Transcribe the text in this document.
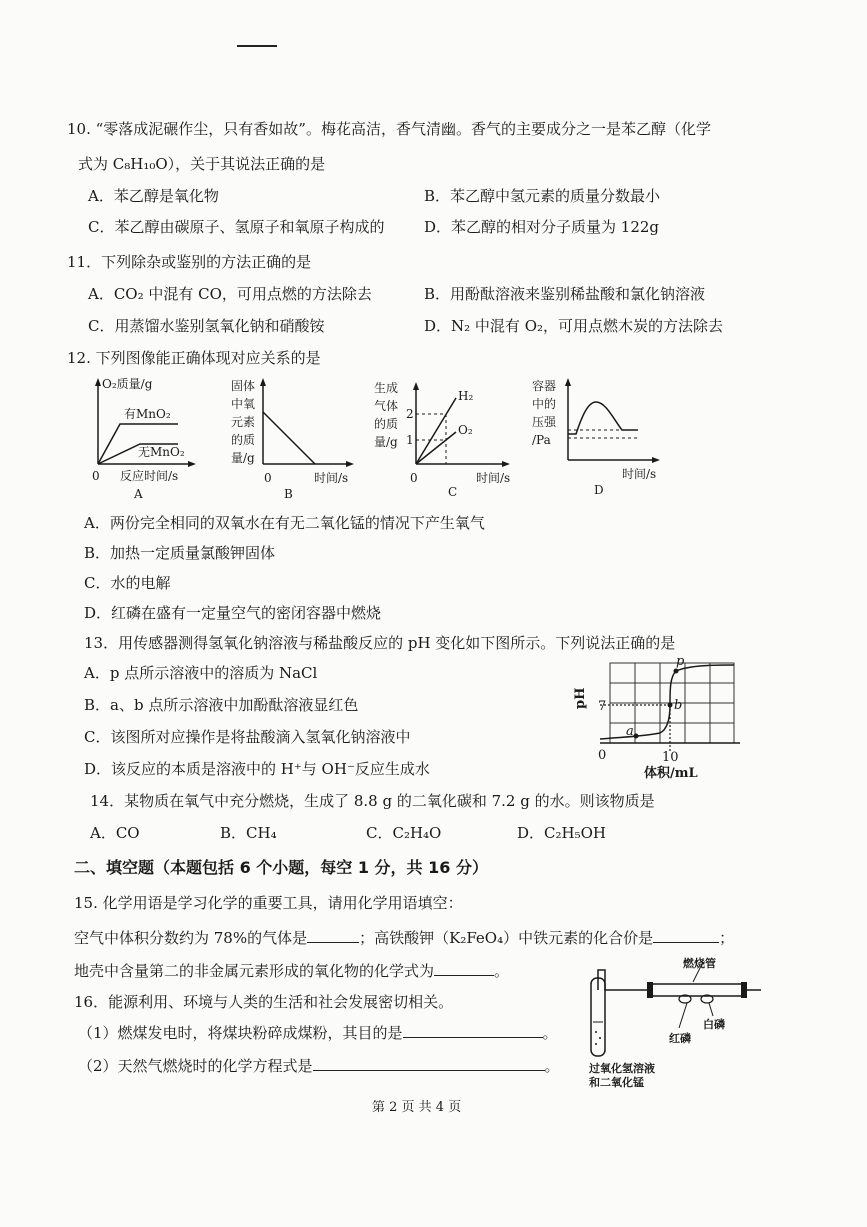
10. “零落成泥碾作尘，只有香如故”。梅花高洁，香气清幽。香气的主要成分之一是苯乙醇（化学
式为 C₈H₁₀O），关于其说法正确的是
A．苯乙醇是氧化物	B．苯乙醇中氢元素的质量分数最小
C．苯乙醇由碳原子、氢原子和氧原子构成的	D．苯乙醇的相对分子质量为 122g
11．下列除杂或鉴别的方法正确的是
A．CO₂ 中混有 CO，可用点燃的方法除去	B．用酚酞溶液来鉴别稀盐酸和氯化钠溶液
C．用蒸馏水鉴别氢氧化钠和硝酸铵	D．N₂ 中混有 O₂，可用点燃木炭的方法除去
12. 下列图像能正确体现对应关系的是
O₂质量/g
有MnO₂
无MnO₂
0 反应时间/s
A
固体
中氧
元素
的质
量/g
0	时间/s
B
生成
气体
的质
量/g
2
1
H₂
O₂
0	时间/s
C
容器
中的
压强
/Pa
时间/s
D
A．两份完全相同的双氧水在有无二氧化锰的情况下产生氧气
B．加热一定质量氯酸钾固体
C．水的电解
D．红磷在盛有一定量空气的密闭容器中燃烧
13．用传感器测得氢氧化钠溶液与稀盐酸反应的 pH 变化如下图所示。下列说法正确的是
A．p 点所示溶液中的溶质为 NaCl
B．a、b 点所示溶液中加酚酞溶液显红色
C．该图所对应操作是将盐酸滴入氢氧化钠溶液中
D．该反应的本质是溶液中的 H⁺与 OH⁻反应生成水
a
b
p
pH 7
0	10
体积/mL
14．某物质在氧气中充分燃烧，生成了 8.8 g 的二氧化碳和 7.2 g 的水。则该物质是
A．CO	B．CH₄	C．C₂H₄O	D．C₂H₅OH
二、填空题（本题包括 6 个小题，每空 1 分，共 16 分）
15. 化学用语是学习化学的重要工具，请用化学用语填空：
空气中体积分数约为 78%的气体是	；高铁酸钾（K₂FeO₄）中铁元素的化合价是	；
地壳中含量第二的非金属元素形成的氧化物的化学式为	。
16．能源利用、环境与人类的生活和社会发展密切相关。
（1）燃煤发电时，将煤块粉碎成煤粉，其目的是	。
（2）天然气燃烧时的化学方程式是	。
燃烧管
白磷
红磷
过氧化氢溶液
和二氧化锰
第 2 页 共 4 页
